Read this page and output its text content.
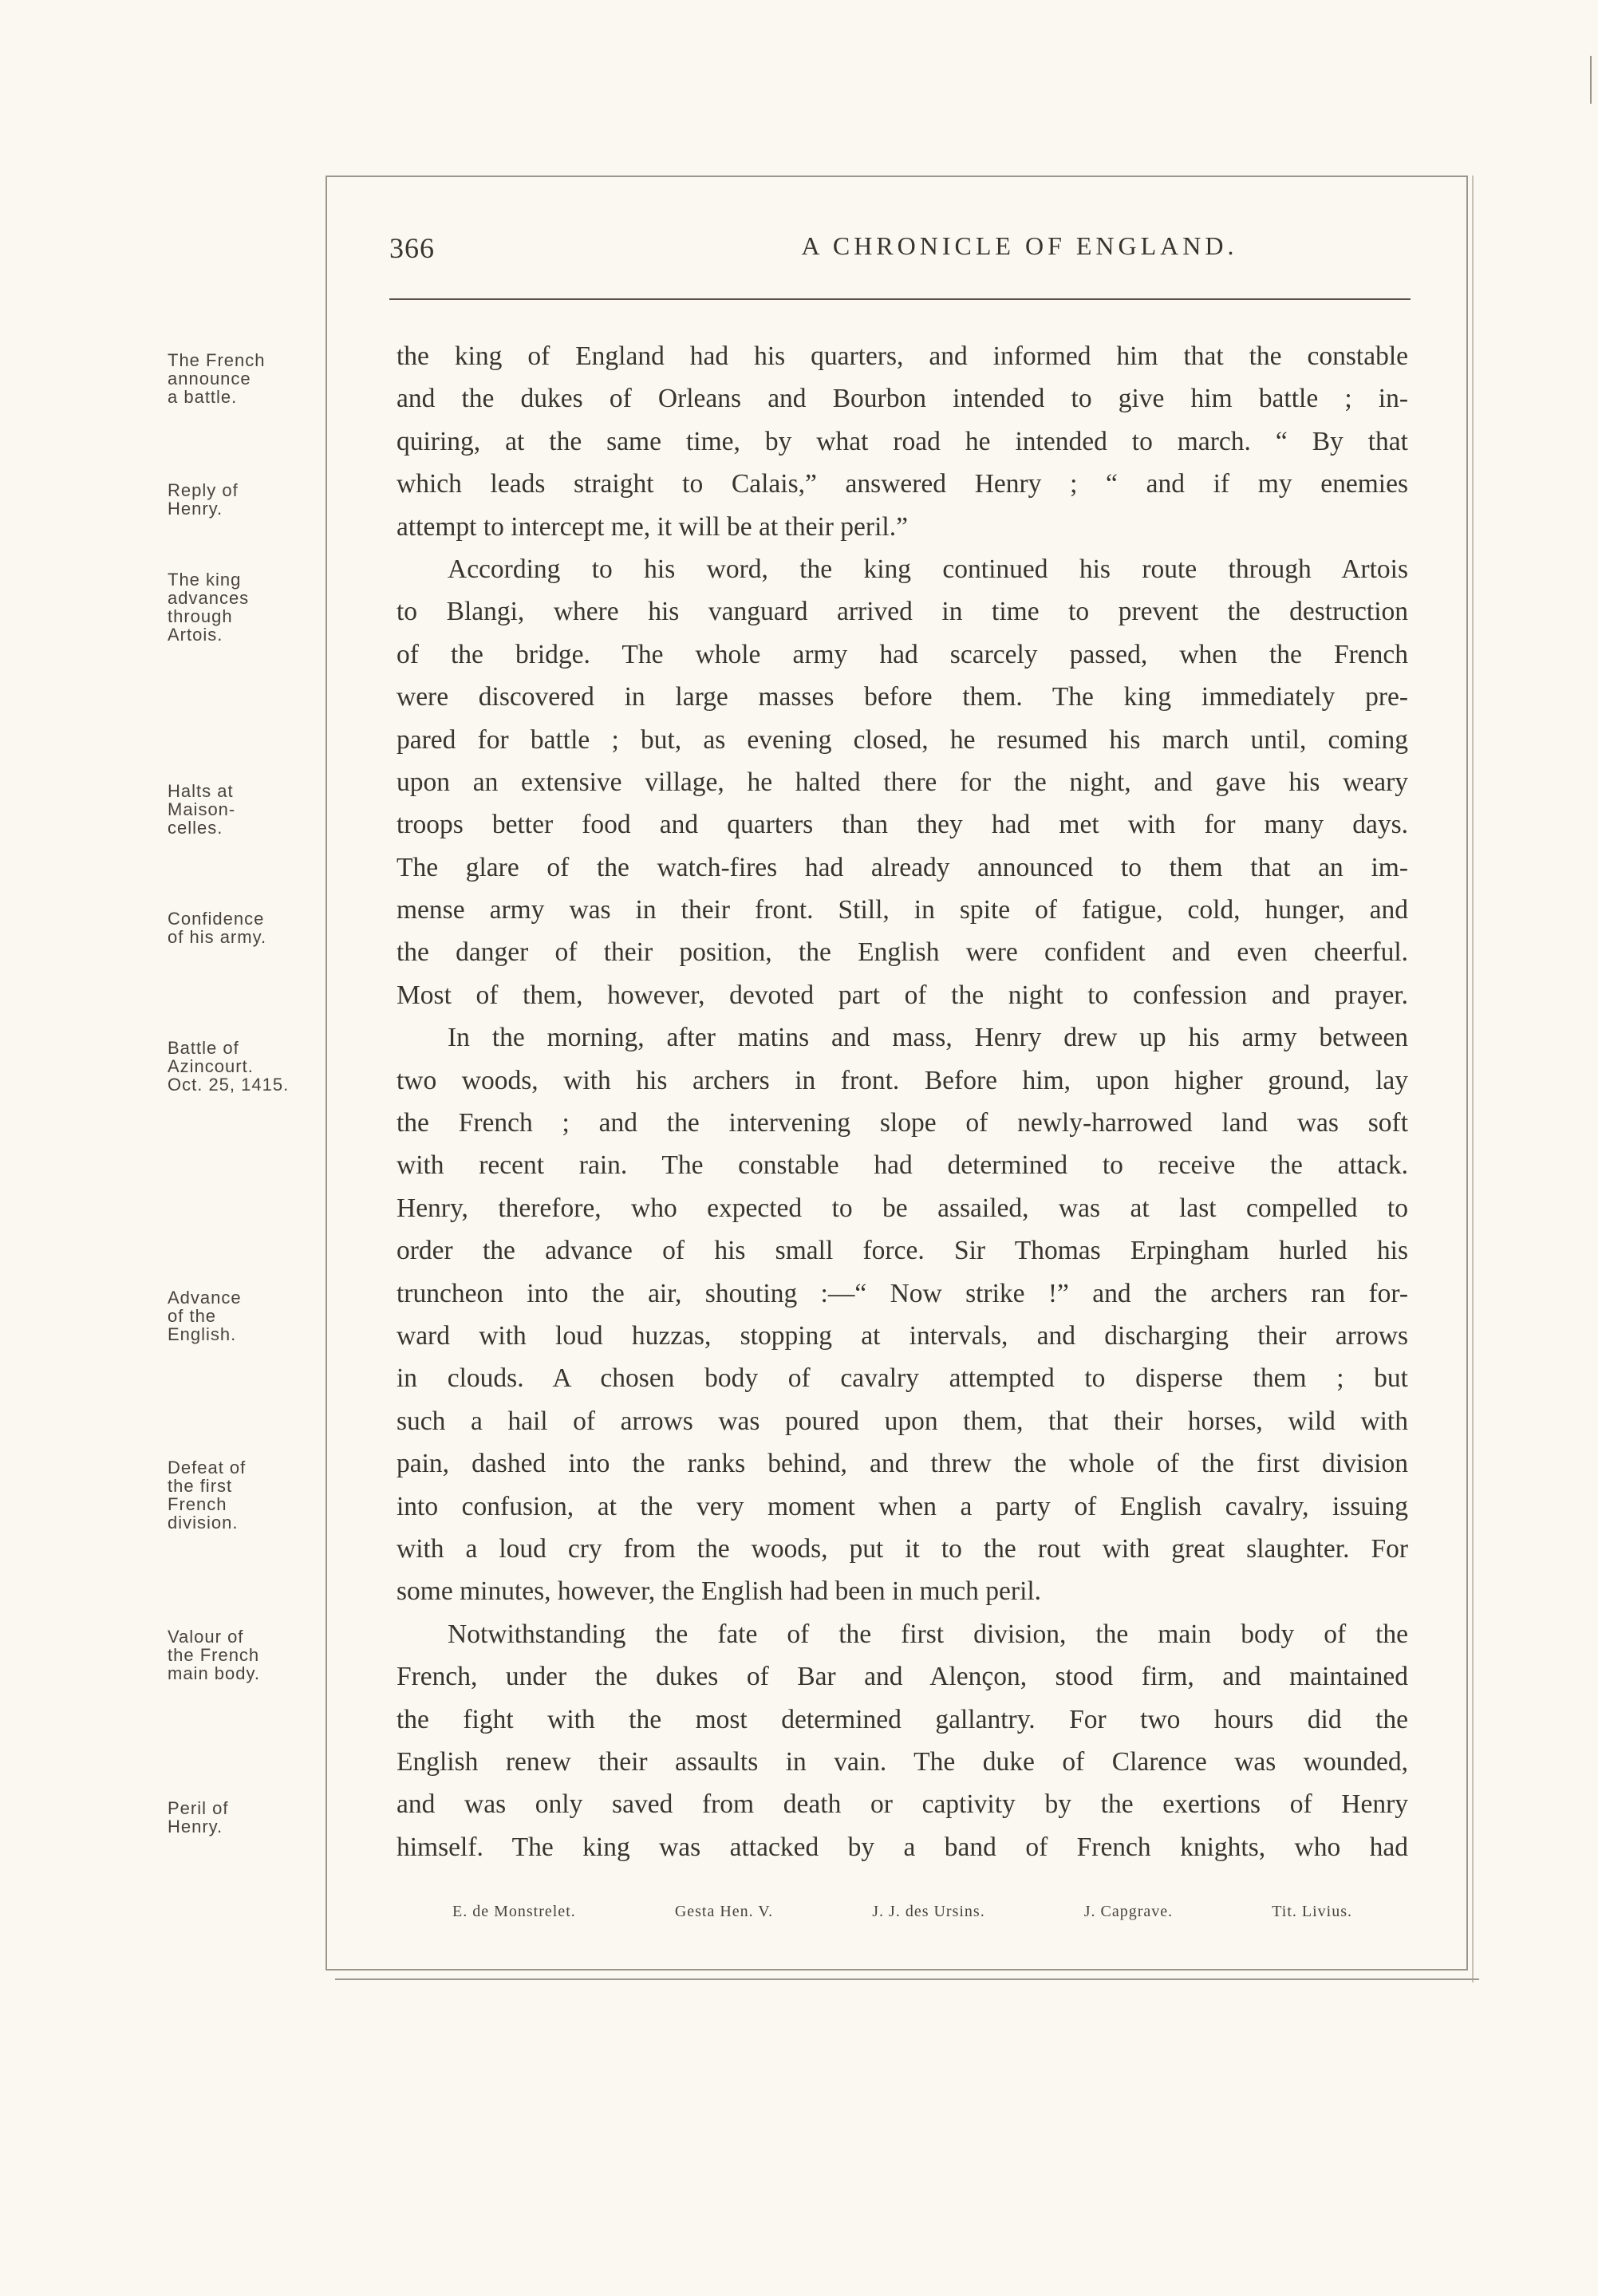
366	A CHRONICLE OF ENGLAND.
The French
announce
a battle.
Reply of
Henry.
The king
advances
through
Artois.
Halts at
Maison-
celles.
Confidence
of his army.
Battle of
Azincourt.
Oct. 25, 1415.
Advance
of the
English.
Defeat of
the first
French
division.
Valour of
the French
main body.
Peril of
Henry.
the king of England had his quarters, and informed him that the constable
and the dukes of Orleans and Bourbon intended to give him battle ; in-
quiring, at the same time, by what road he intended to march. “ By that
which leads straight to Calais,” answered Henry ; “ and if my enemies
attempt to intercept me, it will be at their peril.”
According to his word, the king continued his route through Artois
to Blangi, where his vanguard arrived in time to prevent the destruction
of the bridge. The whole army had scarcely passed, when the French
were discovered in large masses before them. The king immediately pre-
pared for battle ; but, as evening closed, he resumed his march until, coming
upon an extensive village, he halted there for the night, and gave his weary
troops better food and quarters than they had met with for many days.
The glare of the watch-fires had already announced to them that an im-
mense army was in their front. Still, in spite of fatigue, cold, hunger, and
the danger of their position, the English were confident and even cheerful.
Most of them, however, devoted part of the night to confession and prayer.
In the morning, after matins and mass, Henry drew up his army between
two woods, with his archers in front. Before him, upon higher ground, lay
the French ; and the intervening slope of newly-harrowed land was soft
with recent rain. The constable had determined to receive the attack.
Henry, therefore, who expected to be assailed, was at last compelled to
order the advance of his small force. Sir Thomas Erpingham hurled his
truncheon into the air, shouting :—“ Now strike !” and the archers ran for-
ward with loud huzzas, stopping at intervals, and discharging their arrows
in clouds. A chosen body of cavalry attempted to disperse them ; but
such a hail of arrows was poured upon them, that their horses, wild with
pain, dashed into the ranks behind, and threw the whole of the first division
into confusion, at the very moment when a party of English cavalry, issuing
with a loud cry from the woods, put it to the rout with great slaughter. For
some minutes, however, the English had been in much peril.
Notwithstanding the fate of the first division, the main body of the
French, under the dukes of Bar and Alençon, stood firm, and maintained
the fight with the most determined gallantry. For two hours did the
English renew their assaults in vain. The duke of Clarence was wounded,
and was only saved from death or captivity by the exertions of Henry
himself. The king was attacked by a band of French knights, who had
E. de Monstrelet.	Gesta Hen. V.	J. J. des Ursins.	J. Capgrave.	Tit. Livius.
